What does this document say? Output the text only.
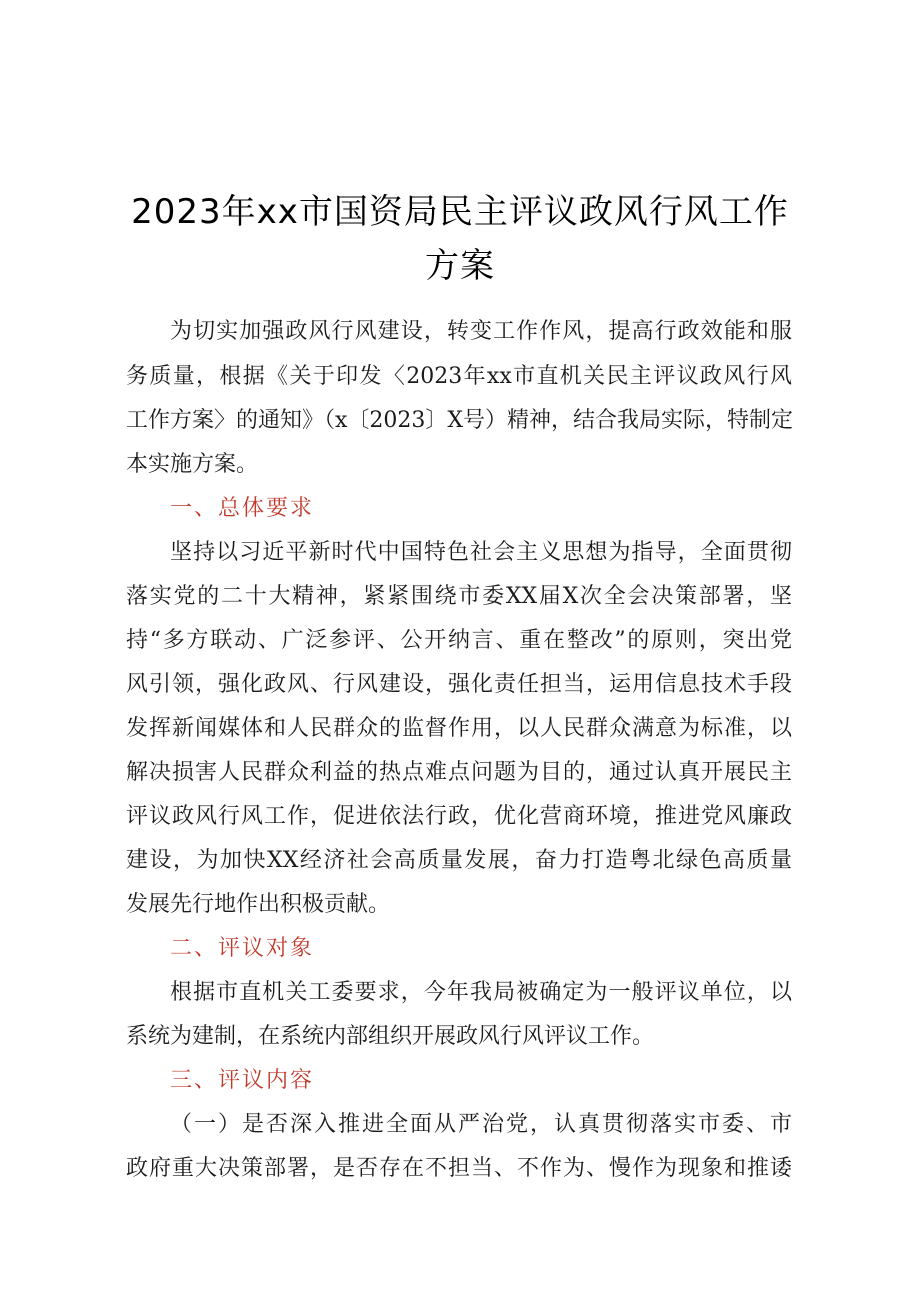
2023年xx市国资局民主评议政风行风工作
方案
为切实加强政风行风建设，转变工作作风，提高行政效能和服
务质量，根据《关于印发〈2023年xx市直机关民主评议政风行风
工作方案〉的通知》（x〔2023〕X号）精神，结合我局实际，特制定
本实施方案。
一、总体要求
坚持以习近平新时代中国特色社会主义思想为指导，全面贯彻
落实党的二十大精神，紧紧围绕市委XX届X次全会决策部署，坚
持“多方联动、广泛参评、公开纳言、重在整改”的原则，突出党
风引领，强化政风、行风建设，强化责任担当，运用信息技术手段
发挥新闻媒体和人民群众的监督作用，以人民群众满意为标准，以
解决损害人民群众利益的热点难点问题为目的，通过认真开展民主
评议政风行风工作，促进依法行政，优化营商环境，推进党风廉政
建设，为加快XX经济社会高质量发展，奋力打造粤北绿色高质量
发展先行地作出积极贡献。
二、评议对象
根据市直机关工委要求，今年我局被确定为一般评议单位，以
系统为建制，在系统内部组织开展政风行风评议工作。
三、评议内容
（一）是否深入推进全面从严治党，认真贯彻落实市委、市
政府重大决策部署，是否存在不担当、不作为、慢作为现象和推诿
